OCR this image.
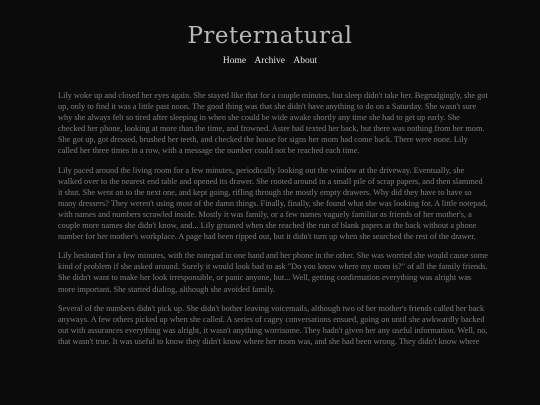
Preternatural
Home Archive About

Lily woke up and closed her eyes again. She stayed like that for a couple minutes, but sleep didn't take her. Begrudgingly, she got up, only to find it was a little past noon. The good thing was that she didn't have anything to do on a Saturday. She wasn't sure why she always felt so tired after sleeping in when she could be wide awake shortly any time she had to get up early. She checked her phone, looking at more than the time, and frowned. Aster had texted her back, but there was nothing from her mom. She got up, got dressed, brushed her teeth, and checked the house for signs her mom had come back. There were none. Lily called her three times in a row, with a message the number could not be reached each time.

Lily paced around the living room for a few minutes, periodically looking out the window at the driveway. Eventually, she walked over to the nearest end table and opened its drawer. She rooted around in a small pile of scrap papers, and then slammed it shut. She went on to the next one, and kept going, rifling through the mostly empty drawers. Why did they have to have so many dressers? They weren't using most of the damn things. Finally, finally, she found what she was looking for. A little notepad, with names and numbers scrawled inside. Mostly it was family, or a few names vaguely familiar as friends of her mother's, a couple more names she didn't know, and... Lily groaned when she reached the run of blank papers at the back without a phone number for her mother's workplace. A page had been ripped out, but it didn't turn up when she searched the rest of the drawer.

Lily hesitated for a few minutes, with the notepad in one hand and her phone in the other. She was worried she would cause some kind of problem if she asked around. Surely it would look bad to ask "Do you know where my mom is?" of all the family friends. She didn't want to make her look irresponsible, or panic anyone, but... Well, getting confirmation everything was alright was more important. She started dialing, although she avoided family.

Several of the numbers didn't pick up. She didn't bother leaving voicemails, although two of her mother's friends called her back anyways. A few others picked up when she called. A series of cagey conversations ensued, going on until she awkwardly backed out with assurances everything was alright, it wasn't anything worrisome. They hadn't given her any useful information. Well, no, that wasn't true. It was useful to know they didn't know where her mom was, and she had been wrong. They didn't know where
